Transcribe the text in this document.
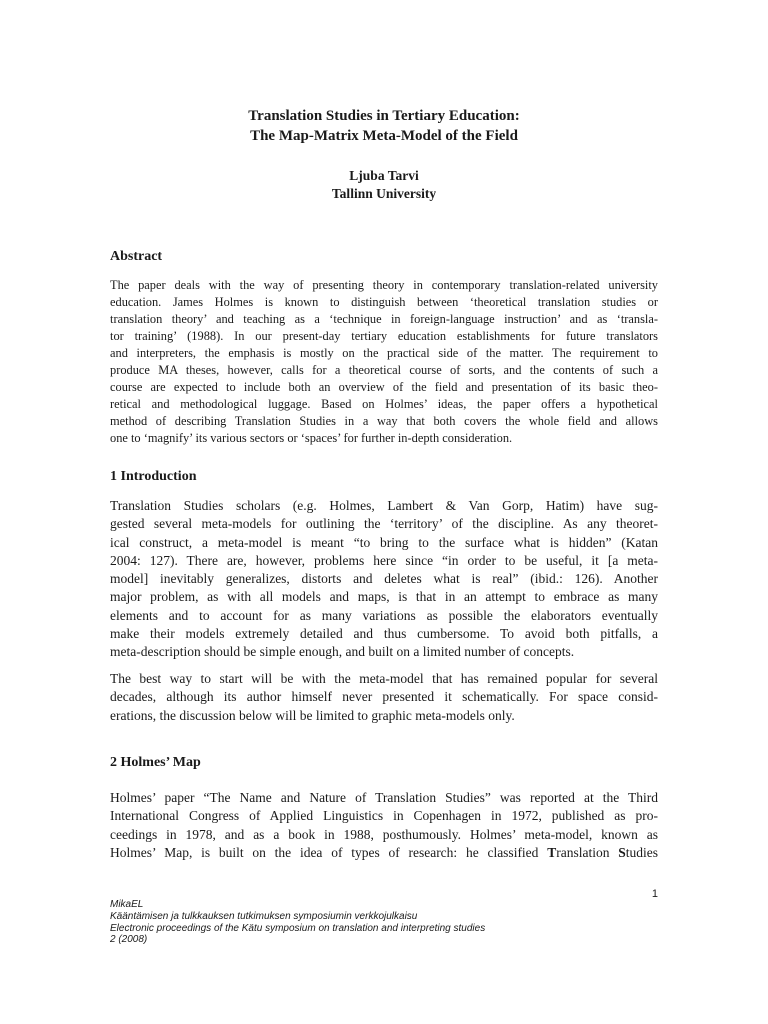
Translation Studies in Tertiary Education:
The Map-Matrix Meta-Model of the Field
Ljuba Tarvi
Tallinn University
Abstract
The paper deals with the way of presenting theory in contemporary translation-related university
education. James Holmes is known to distinguish between ‘theoretical translation studies or
translation theory’ and teaching as a ‘technique in foreign-language instruction’ and as ‘transla-
tor training’ (1988). In our present-day tertiary education establishments for future translators
and interpreters, the emphasis is mostly on the practical side of the matter. The requirement to
produce MA theses, however, calls for a theoretical course of sorts, and the contents of such a
course are expected to include both an overview of the field and presentation of its basic theo-
retical and methodological luggage. Based on Holmes’ ideas, the paper offers a hypothetical
method of describing Translation Studies in a way that both covers the whole field and allows
one to ‘magnify’ its various sectors or ‘spaces’ for further in-depth consideration.
1 Introduction
Translation Studies scholars (e.g. Holmes, Lambert & Van Gorp, Hatim) have sug-
gested several meta-models for outlining the ‘territory’ of the discipline. As any theoret-
ical construct, a meta-model is meant “to bring to the surface what is hidden” (Katan
2004: 127). There are, however, problems here since “in order to be useful, it [a meta-
model] inevitably generalizes, distorts and deletes what is real” (ibid.: 126). Another
major problem, as with all models and maps, is that in an attempt to embrace as many
elements and to account for as many variations as possible the elaborators eventually
make their models extremely detailed and thus cumbersome. To avoid both pitfalls, a
meta-description should be simple enough, and built on a limited number of concepts.
The best way to start will be with the meta-model that has remained popular for several
decades, although its author himself never presented it schematically. For space consid-
erations, the discussion below will be limited to graphic meta-models only.
2 Holmes’ Map
Holmes’ paper “The Name and Nature of Translation Studies” was reported at the Third
International Congress of Applied Linguistics in Copenhagen in 1972, published as pro-
ceedings in 1978, and as a book in 1988, posthumously. Holmes’ meta-model, known as
Holmes’ Map, is built on the idea of types of research: he classified Translation Studies
1
MikaEL
Kääntämisen ja tulkkauksen tutkimuksen symposiumin verkkojulkaisu
Electronic proceedings of the Kätu symposium on translation and interpreting studies
2 (2008)
